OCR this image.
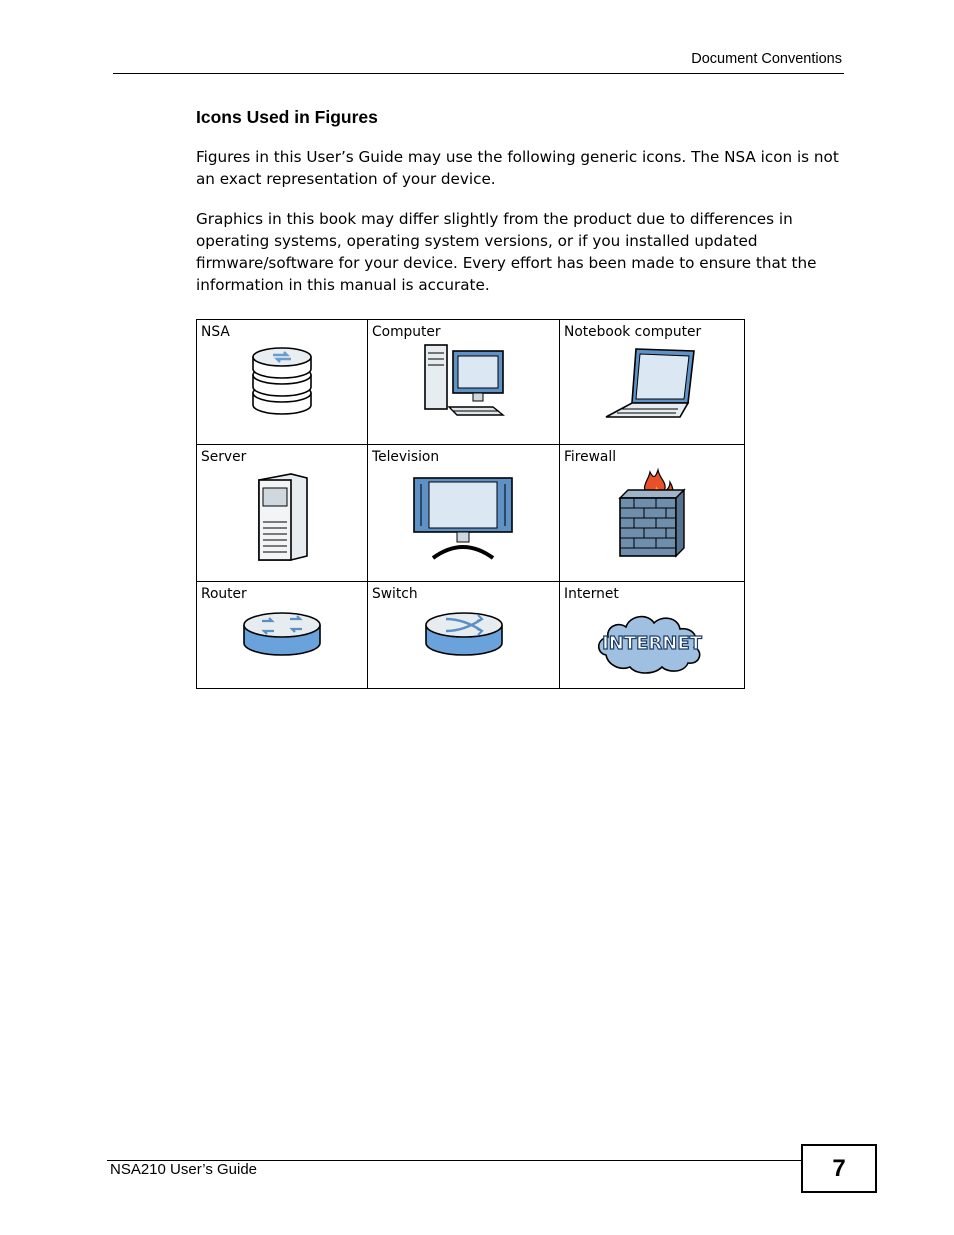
Document Conventions
Icons Used in Figures

Figures in this User’s Guide may use the following generic icons. The NSA icon is not an exact representation of your device.

Graphics in this book may differ slightly from the product due to differences in operating systems, operating system versions, or if you installed updated firmware/software for your device. Every effort has been made to ensure that the information in this manual is accurate.

NSA	Computer	Notebook computer

Server	Television	Firewall

Router	Switch	Internet
INTERNET
NSA210 User’s Guide	7
